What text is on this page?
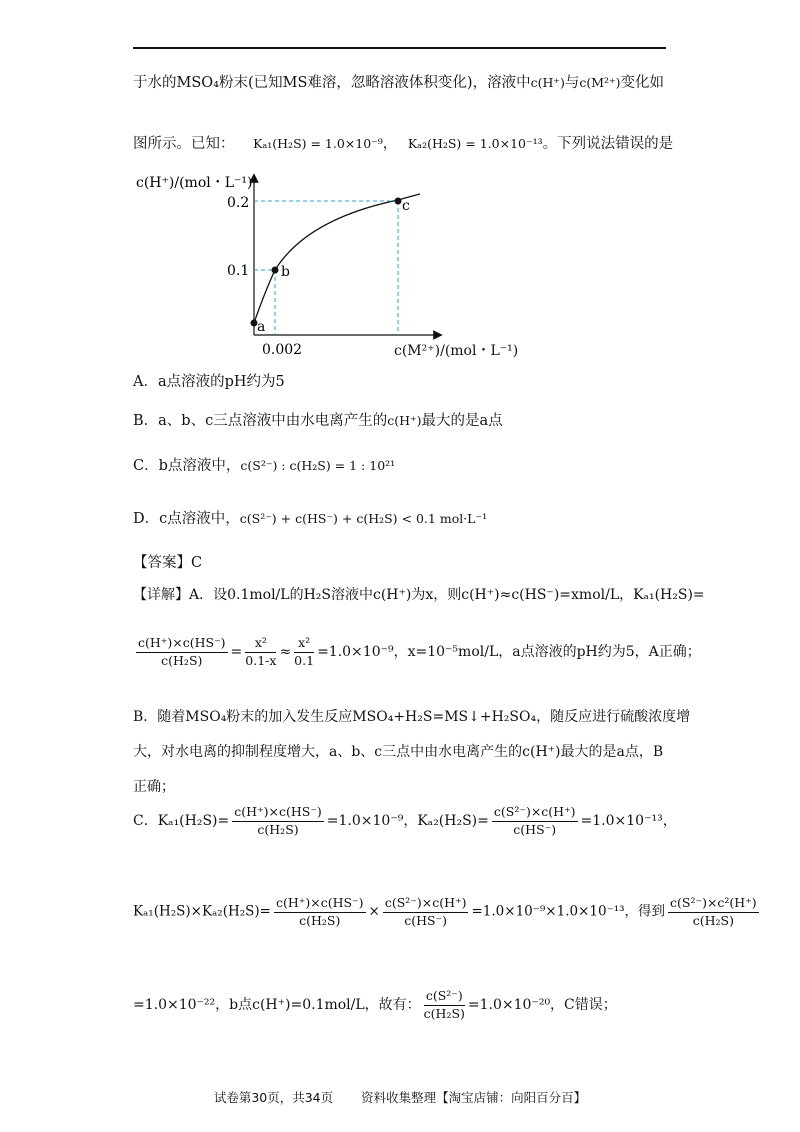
于水的MSO₄粉末(已知MS难溶，忽略溶液体积变化)，溶液中c(H⁺)与c(M²⁺)变化如
图所示。已知： Kₐ₁(H₂S) = 1.0×10⁻⁹， Kₐ₂(H₂S) = 1.0×10⁻¹³。下列说法错误的是
c(H⁺)/(mol・L⁻¹)
a
b
c
0.2
0.1
0.002	c(M²⁺)/(mol・L⁻¹)
A．a点溶液的pH约为5
B．a、b、c三点溶液中由水电离产生的c(H⁺)最大的是a点
C．b点溶液中，c(S²⁻) : c(H₂S) = 1 : 10²¹
D．c点溶液中，c(S²⁻) + c(HS⁻) + c(H₂S) < 0.1 mol·L⁻¹
【答案】C
【详解】A．设0.1mol/L的H₂S溶液中c(H⁺)为x，则c(H⁺)≈c(HS⁻)=xmol/L，Kₐ₁(H₂S)=
$\frac{c(H^+)\times c(HS^-)}{\text{c(H₂S)}} = \frac{\text{x²}}{0.1-x} \approx \frac{\text{x²}}{0.1} =1.0\times 10^{-9}$，x=10⁻⁵mol/L，a点溶液的pH约为5，A正确；
B．随着MSO₄粉末的加入发生反应MSO₄+H₂S=MS↓+H₂SO₄，随反应进行硫酸浓度增
大，对水电离的抑制程度增大，a、b、c三点中由水电离产生的c(H⁺)最大的是a点，B
正确；
C．$K_{a1}(H_2S)= \frac{c(H^+)\times c(HS^-)}{\text{c(H₂S)}} =1.0\times 10^{-9}$，$K_{a2}(H_2S)= \frac{\text{c(S²⁻)×c(H⁺)}}{c(HS^-)} =1.0\times 10^{-13}$，
$K_{a1}(H_2S)\times K_{a2}(H_2S)= \frac{c(H^+)\times c(HS^-)}{\text{c(H₂S)}} \times \frac{\text{c(S²⁻)×c(H⁺)}}{c(HS^-)} =1.0\times 10^{-9}\times 1.0\times 10^{-13}$，得到 $\frac{\text{c(S²⁻)×c²(H⁺)}}{\text{c(H₂S)}}$
=1.0×10⁻²²，b点c(H⁺)=0.1mol/L，故有： $\frac{\text{c(S²⁻)}}{\text{c(H₂S)}} =1.0\times 10^{-20}$，C错误；
试卷第30页，共34页 资料收集整理【淘宝店铺：向阳百分百】
